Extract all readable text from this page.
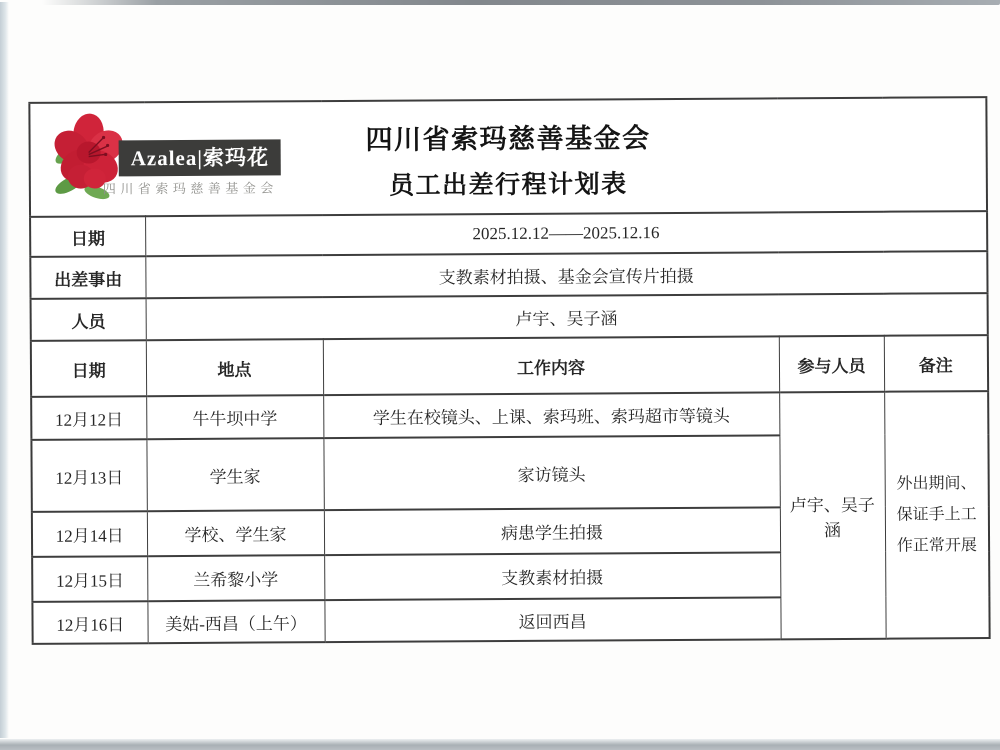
Azalea|索玛花
四川省索玛慈善基金会
四川省索玛慈善基金会
员工出差行程计划表				

日期	2025.12.12——2025.12.16			
出差事由	支教素材拍摄、基金会宣传片拍摄			
人员	卢宇、吴子涵			
日期	地点	工作内容	参与人员	备注
12月12日	牛牛坝中学	学生在校镜头、上课、索玛班、索玛超市等镜头	卢宇、吴子涵	外出期间、保证手上工作正常开展
12月13日	学生家	家访镜头		
12月14日	学校、学生家	病患学生拍摄		
12月15日	兰希黎小学	支教素材拍摄		
12月16日	美姑-西昌（上午）	返回西昌		
